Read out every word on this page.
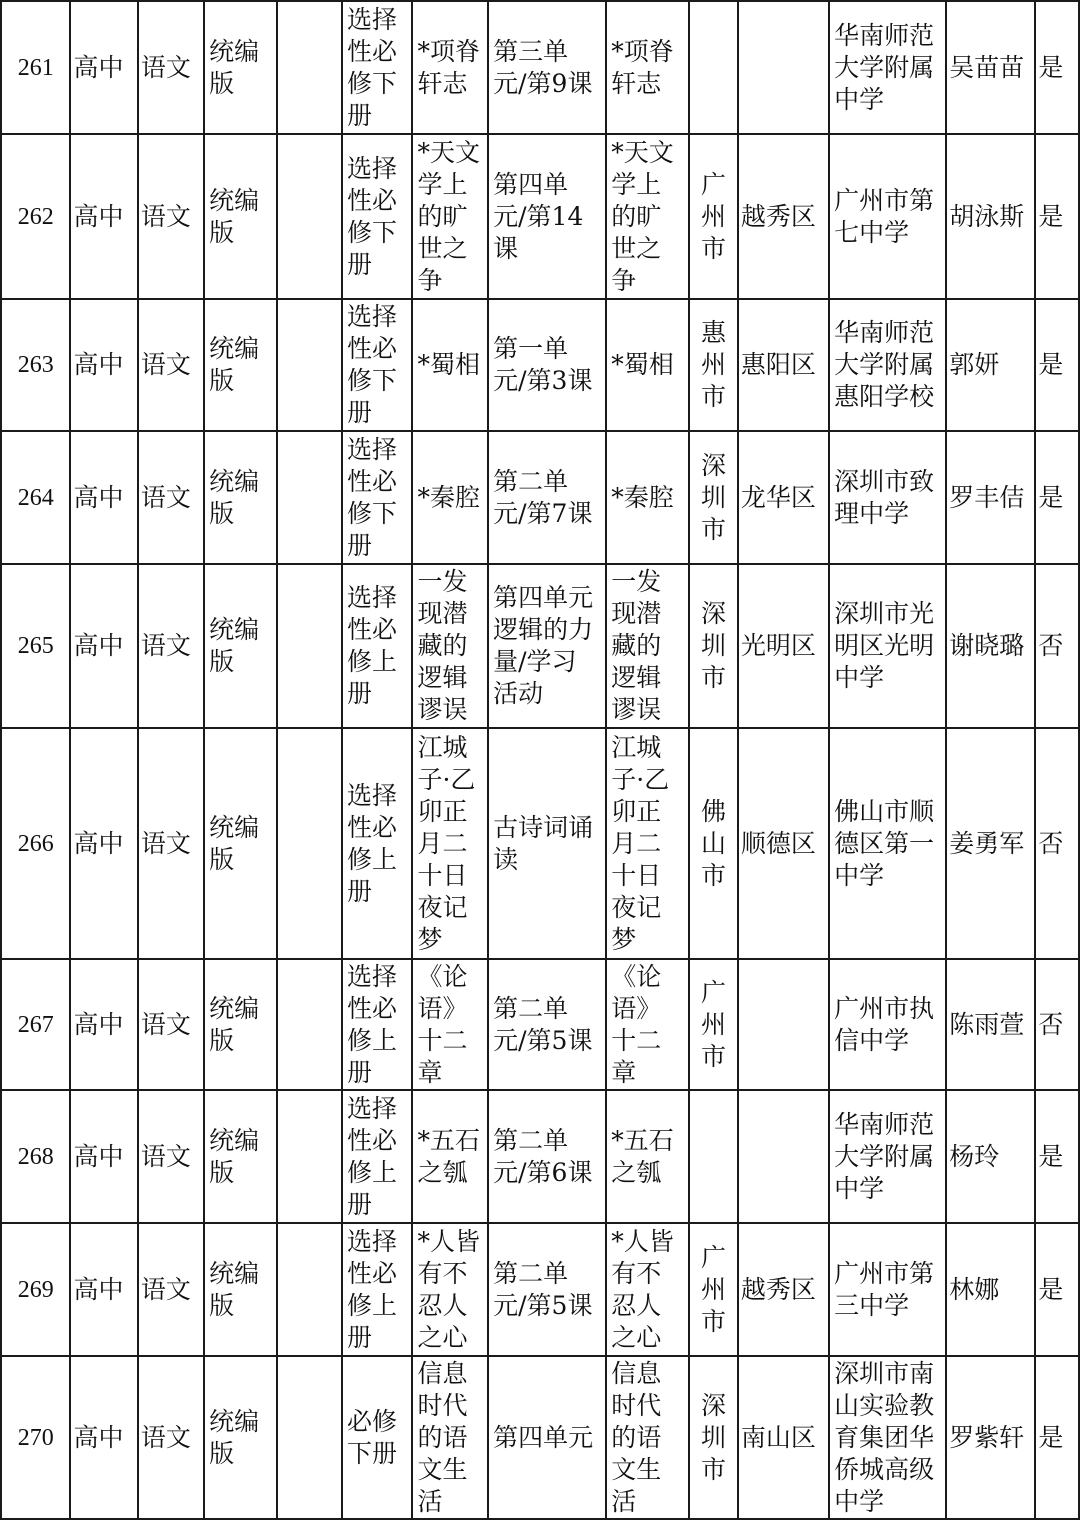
261	高中	语文	统编版		选择性必修下册	*项脊轩志	第三单元/第9课	*项脊轩志			华南师范大学附属中学	吴苗苗	是
262	高中	语文	统编版		选择性必修下册	*天文学上的旷世之争	第四单元/第14课	*天文学上的旷世之争	广州市	越秀区	广州市第七中学	胡泳斯	是
263	高中	语文	统编版		选择性必修下册	*蜀相	第一单元/第3课	*蜀相	惠州市	惠阳区	华南师范大学附属惠阳学校	郭妍	是
264	高中	语文	统编版		选择性必修下册	*秦腔	第二单元/第7课	*秦腔	深圳市	龙华区	深圳市致理中学	罗丰佶	是
265	高中	语文	统编版		选择性必修上册	一发现潜藏的逻辑谬误	第四单元逻辑的力量/学习活动	一发现潜藏的逻辑谬误	深圳市	光明区	深圳市光明区光明中学	谢晓璐	否
266	高中	语文	统编版		选择性必修上册	江城子·乙卯正月二十日夜记梦	古诗词诵读	江城子·乙卯正月二十日夜记梦	佛山市	顺德区	佛山市顺德区第一中学	姜勇军	否
267	高中	语文	统编版		选择性必修上册	《论语》十二章	第二单元/第5课	《论语》十二章	广州市		广州市执信中学	陈雨萱	否
268	高中	语文	统编版		选择性必修上册	*五石之瓠	第二单元/第6课	*五石之瓠			华南师范大学附属中学	杨玲	是
269	高中	语文	统编版		选择性必修上册	*人皆有不忍人之心	第二单元/第5课	*人皆有不忍人之心	广州市	越秀区	广州市第三中学	林娜	是
270	高中	语文	统编版		必修下册	信息时代的语文生活	第四单元	信息时代的语文生活	深圳市	南山区	深圳市南山实验教育集团华侨城高级中学	罗紫轩	是
